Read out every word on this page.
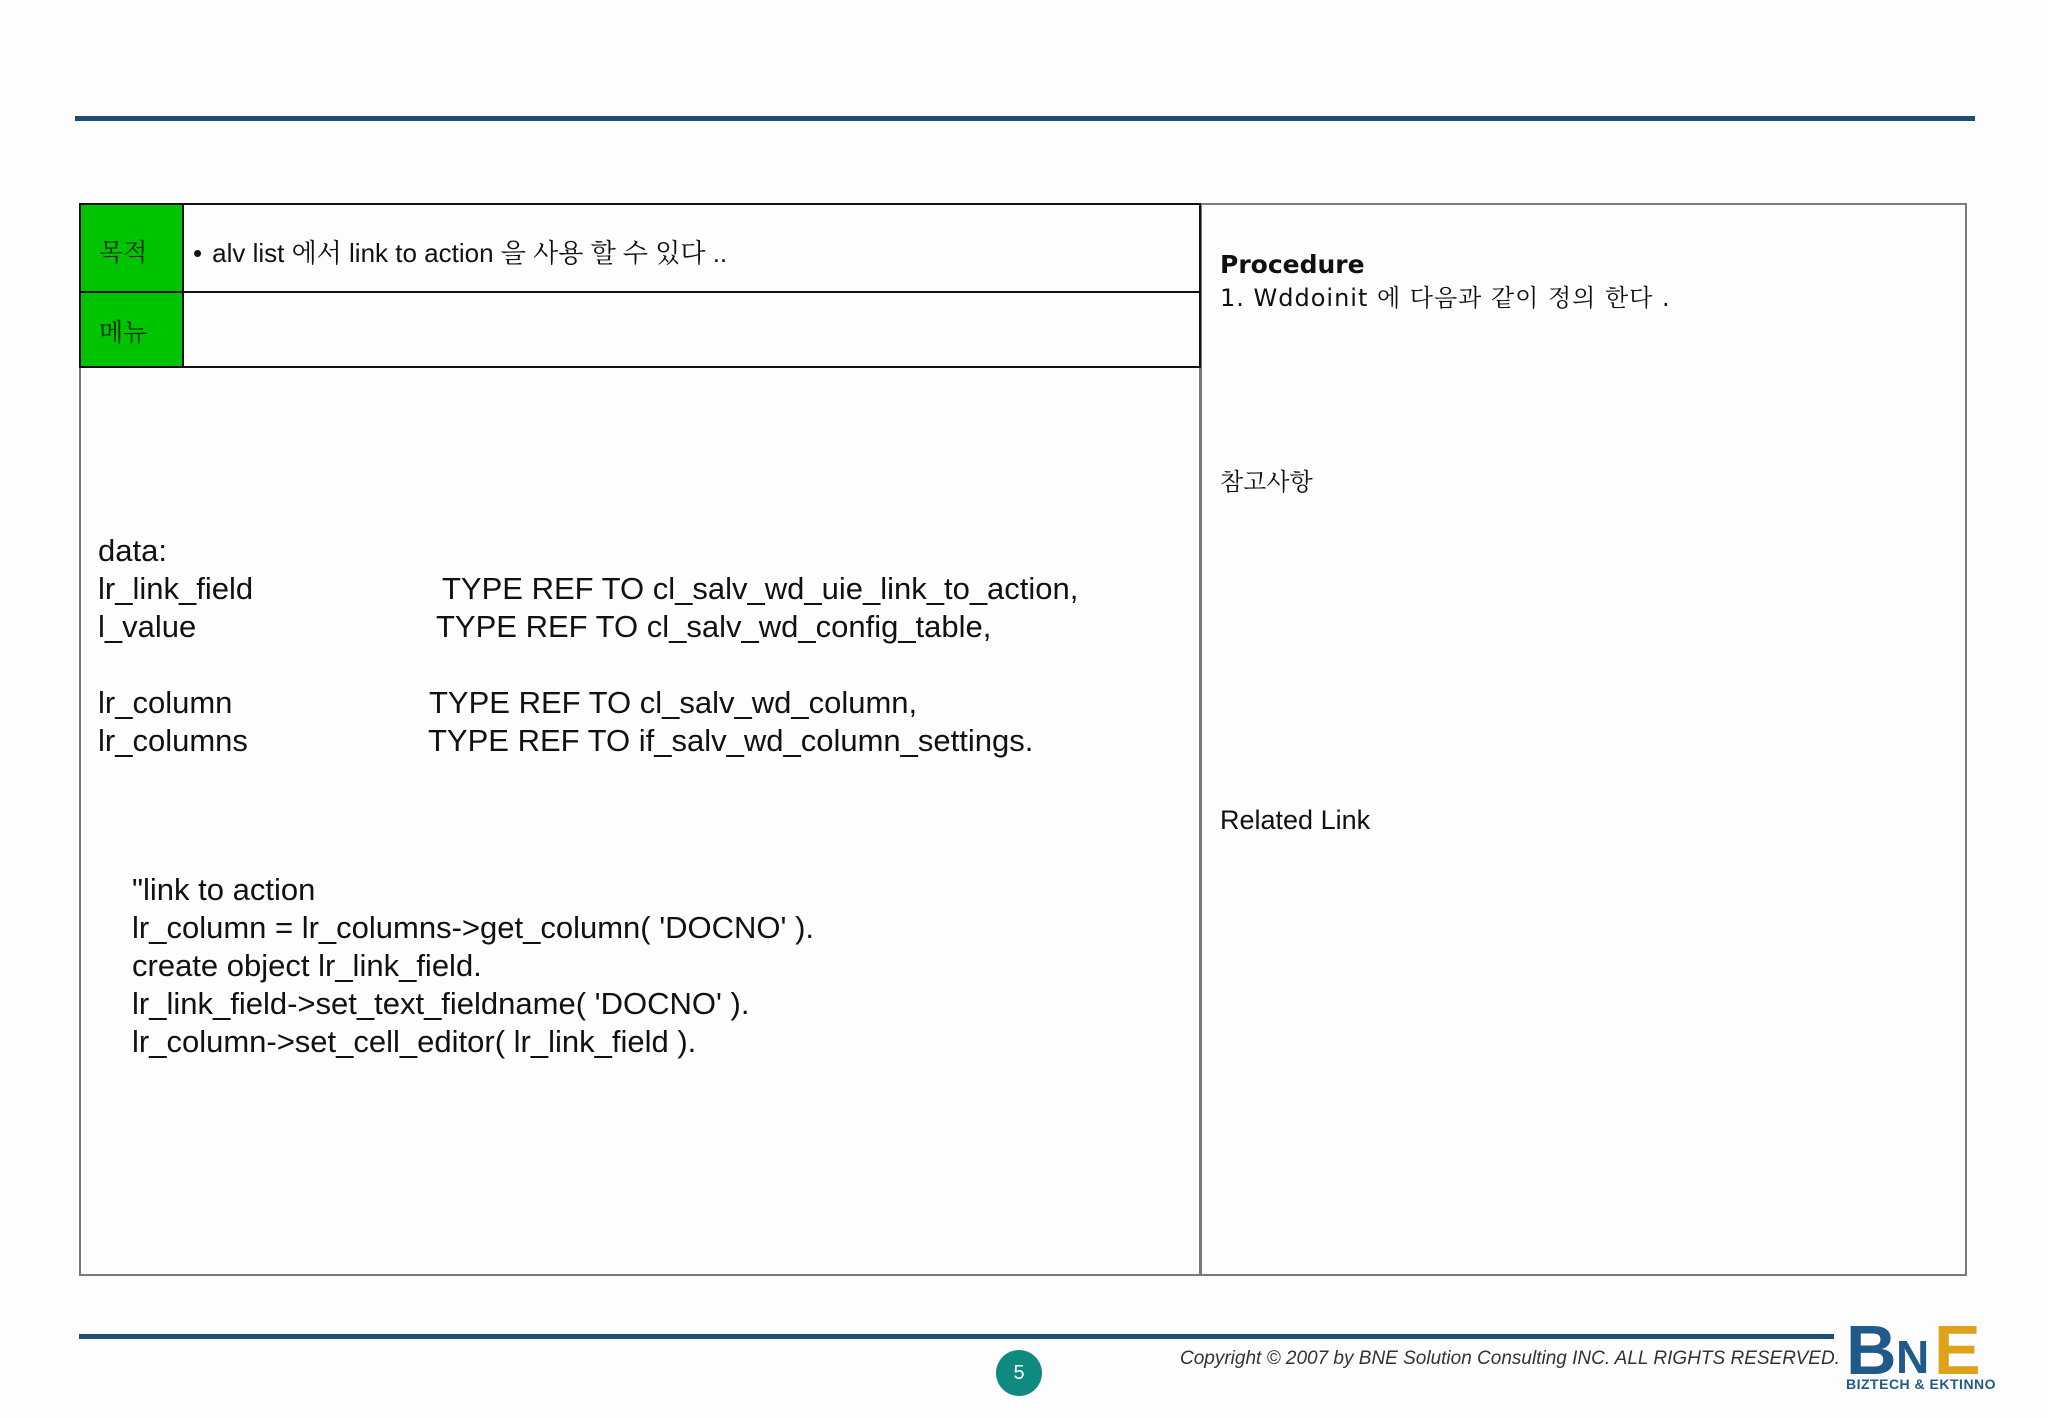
목적	• alv list 에서 link to action 을 사용 할 수 있다 ..
메뉴
data:
lr_link_field	TYPE REF TO cl_salv_wd_uie_link_to_action,
l_value	TYPE REF TO cl_salv_wd_config_table,
lr_column	TYPE REF TO cl_salv_wd_column,
lr_columns	TYPE REF TO if_salv_wd_column_settings.
"link to action
lr_column = lr_columns->get_column( 'DOCNO' ).
create object lr_link_field.
lr_link_field->set_text_fieldname( 'DOCNO' ).
lr_column->set_cell_editor( lr_link_field ).
Procedure
1. Wddoinit 에 다음과 같이 정의 한다 .
참고사항
Related Link
5
Copyright © 2007 by BNE Solution Consulting INC. ALL RIGHTS RESERVED. B N E
BIZTECH & EKTINNO
